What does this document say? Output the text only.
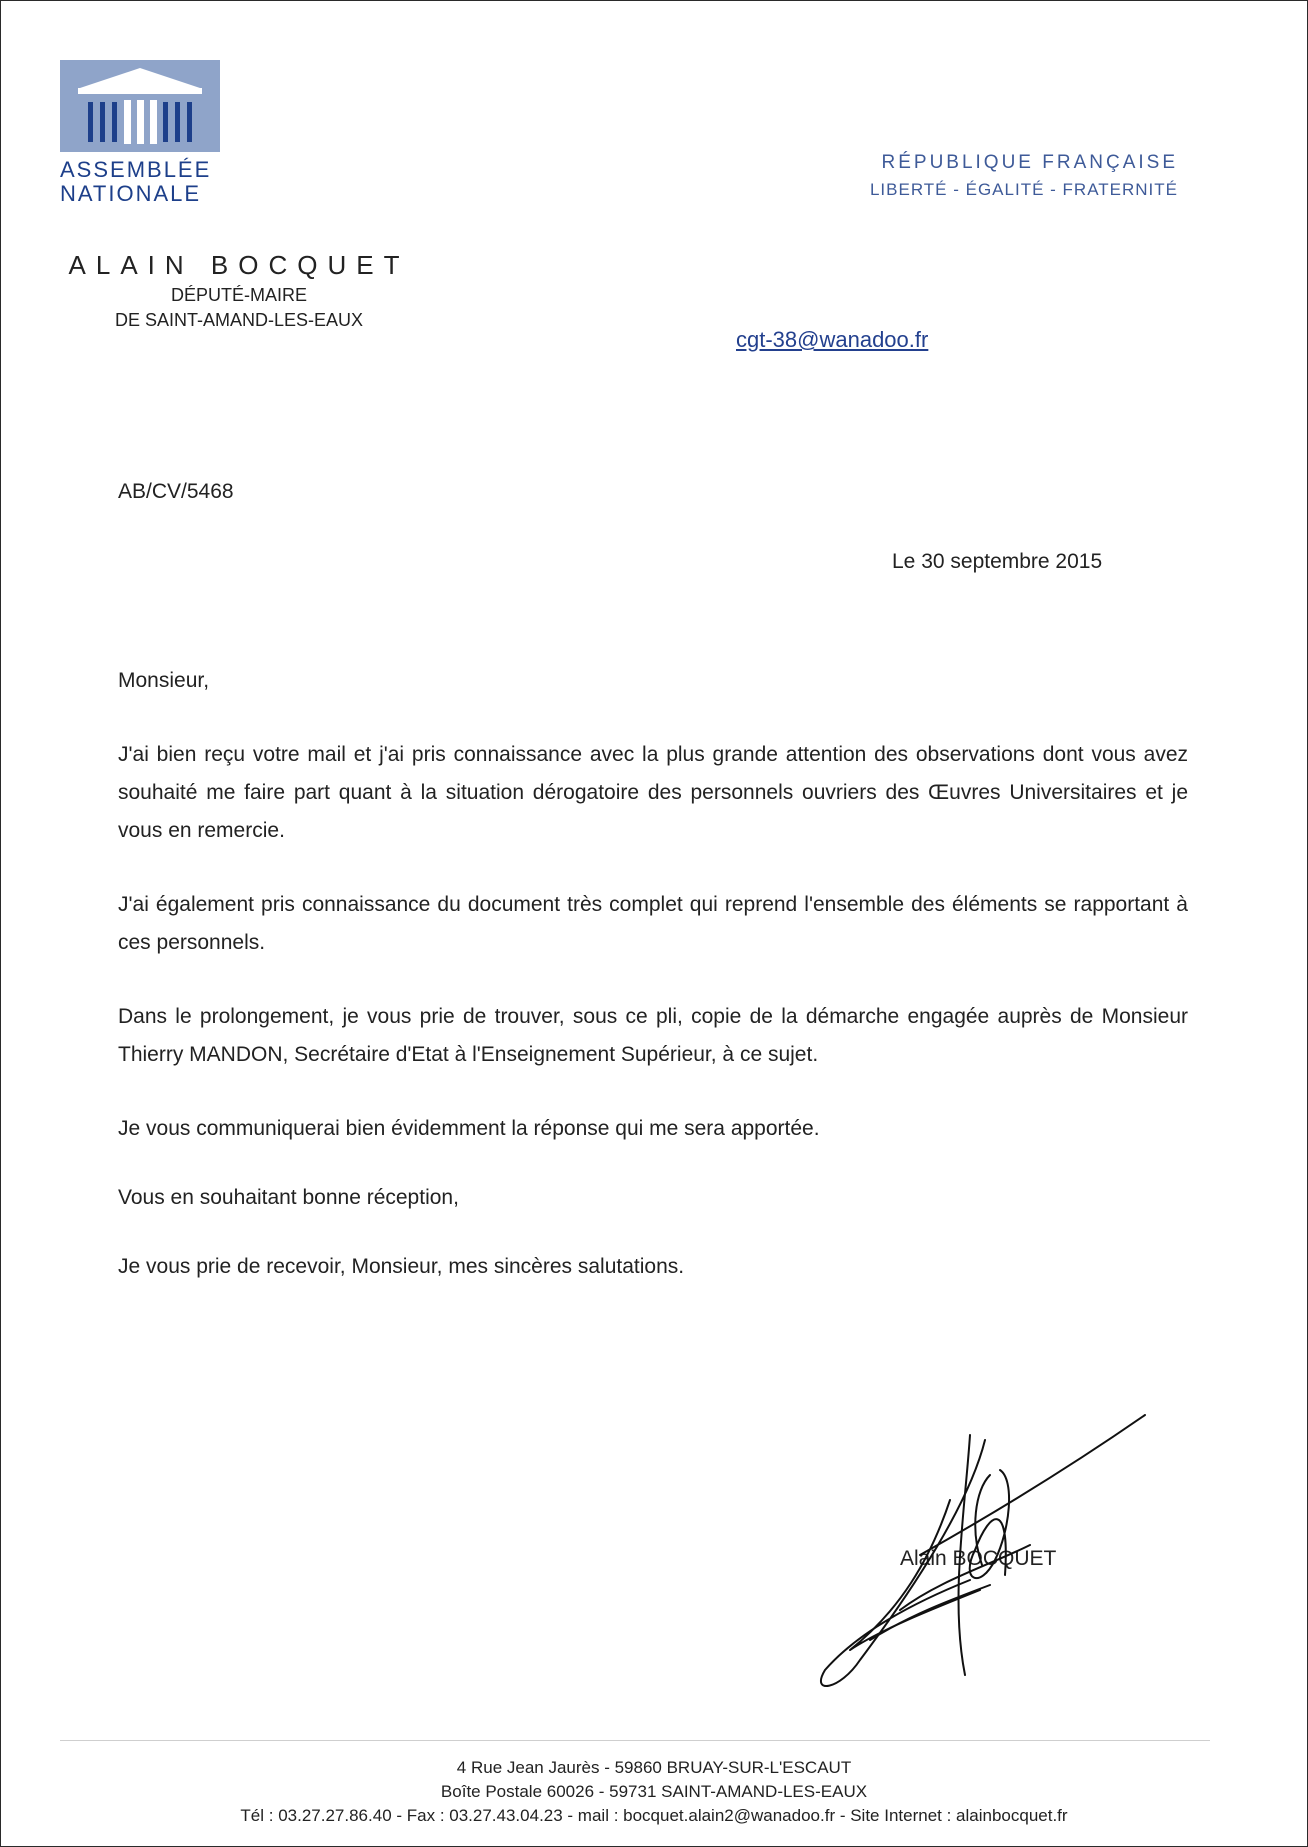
ASSEMBLÉE
NATIONALE
RÉPUBLIQUE FRANÇAISE
LIBERTÉ - ÉGALITÉ - FRATERNITÉ
ALAIN BOCQUET
DÉPUTÉ-MAIRE
DE SAINT-AMAND-LES-EAUX
cgt-38@wanadoo.fr
AB/CV/5468
Le 30 septembre 2015

Monsieur,

J'ai bien reçu votre mail et j'ai pris connaissance avec la plus grande attention des observations dont vous avez souhaité me faire part quant à la situation dérogatoire des personnels ouvriers des Œuvres Universitaires et je vous en remercie.

J'ai également pris connaissance du document très complet qui reprend l'ensemble des éléments se rapportant à ces personnels.

Dans le prolongement, je vous prie de trouver, sous ce pli, copie de la démarche engagée auprès de Monsieur Thierry MANDON, Secrétaire d'Etat à l'Enseignement Supérieur, à ce sujet.

Je vous communiquerai bien évidemment la réponse qui me sera apportée.

Vous en souhaitant bonne réception,

Je vous prie de recevoir, Monsieur, mes sincères salutations.

Alain BOCQUET
4 Rue Jean Jaurès - 59860 BRUAY-SUR-L'ESCAUT
Boîte Postale 60026 - 59731 SAINT-AMAND-LES-EAUX
Tél : 03.27.27.86.40 - Fax : 03.27.43.04.23 - mail : bocquet.alain2@wanadoo.fr - Site Internet : alainbocquet.fr
